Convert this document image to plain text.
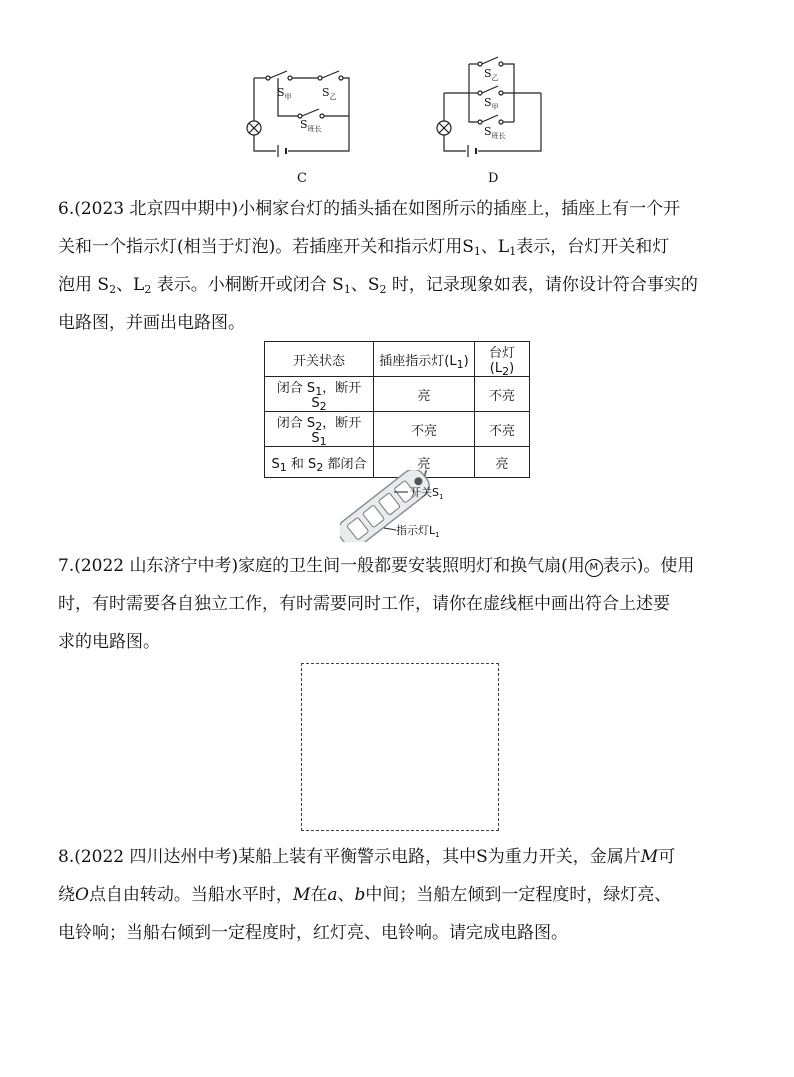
$S_甲$	$S_乙$
$S_{班长}$
C
$S_乙$
$S_甲$
$S_{班长}$
D

6.(2023 北京四中期中)小桐家台灯的插头插在如图所示的插座上，插座上有一个开

关和一个指示灯(相当于灯泡)。若插座开关和指示灯用$S_1$、$L_1$表示，台灯开关和灯

泡用 $S_2$、$L_2$ 表示。小桐断开或闭合 $S_1$、$S_2$ 时，记录现象如表，请你设计符合事实的

电路图，并画出电路图。

开关状态	插座指示灯$(L_1)$	台灯$(L_2)$
闭合 $S_1$，断开 $S_2$	亮	不亮
闭合 $S_2$，断开 $S_1$	不亮	不亮
$S_1$ 和 $S_2$ 都闭合	亮	亮
开关$S_1$
指示灯$L_1$

7.(2022 山东济宁中考)家庭的卫生间一般都要安装照明灯和换气扇(用 M 表示)。使用

时，有时需要各自独立工作，有时需要同时工作，请你在虚线框中画出符合上述要

求的电路图。

8.(2022 四川达州中考)某船上装有平衡警示电路，其中S为重力开关，金属片M可

绕O点自由转动。当船水平时，M在a、b中间；当船左倾到一定程度时，绿灯亮、

电铃响；当船右倾到一定程度时，红灯亮、电铃响。请完成电路图。
